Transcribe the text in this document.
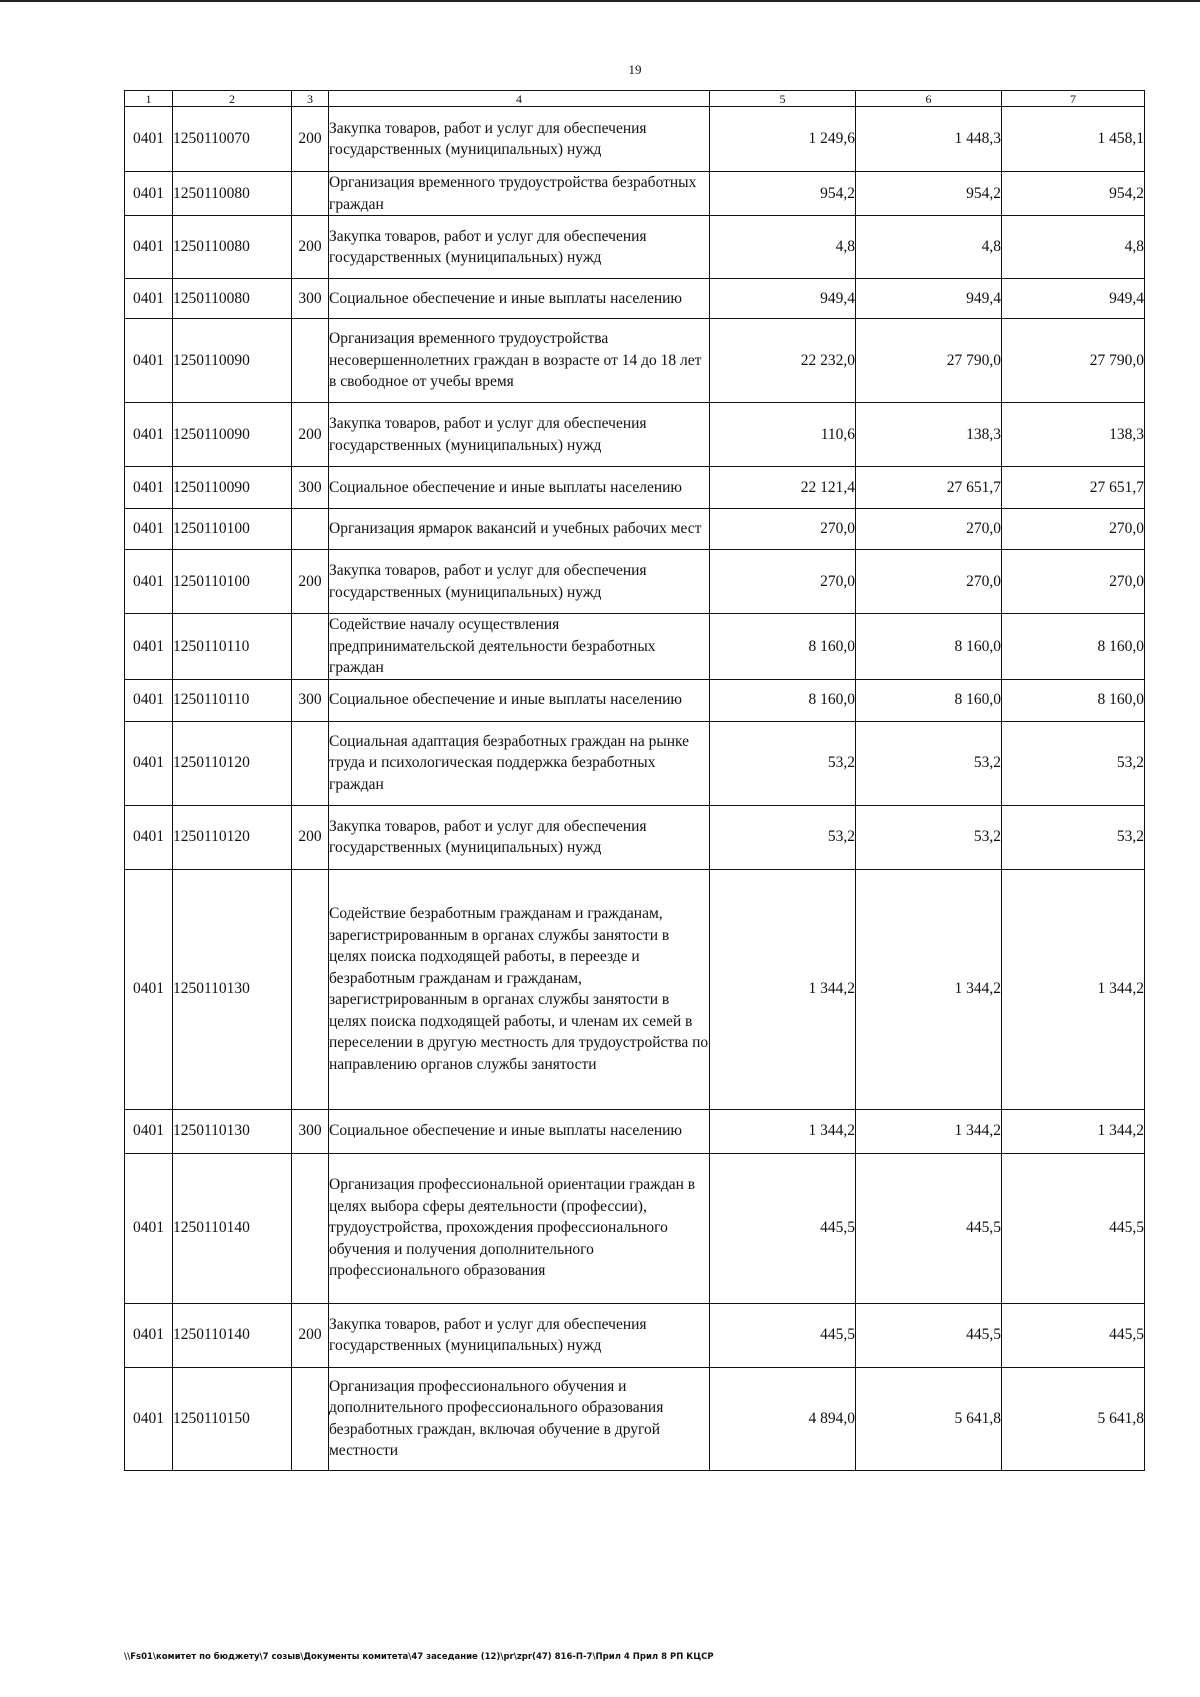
19
1	2	3	4	5	6	7
0401	1250110070	200	Закупка товаров, работ и услуг для обеспечения государственных (муниципальных) нужд	1 249,6	1 448,3	1 458,1
0401	1250110080		Организация временного трудоустройства безработных граждан	954,2	954,2	954,2
0401	1250110080	200	Закупка товаров, работ и услуг для обеспечения государственных (муниципальных) нужд	4,8	4,8	4,8
0401	1250110080	300	Социальное обеспечение и иные выплаты населению	949,4	949,4	949,4
0401	1250110090		Организация временного трудоустройства несовершеннолетних граждан в возрасте от 14 до 18 лет в свободное от учебы время	22 232,0	27 790,0	27 790,0
0401	1250110090	200	Закупка товаров, работ и услуг для обеспечения государственных (муниципальных) нужд	110,6	138,3	138,3
0401	1250110090	300	Социальное обеспечение и иные выплаты населению	22 121,4	27 651,7	27 651,7
0401	1250110100		Организация ярмарок вакансий и учебных рабочих мест	270,0	270,0	270,0
0401	1250110100	200	Закупка товаров, работ и услуг для обеспечения государственных (муниципальных) нужд	270,0	270,0	270,0
0401	1250110110		Содействие началу осуществления предпринимательской деятельности безработных граждан	8 160,0	8 160,0	8 160,0
0401	1250110110	300	Социальное обеспечение и иные выплаты населению	8 160,0	8 160,0	8 160,0
0401	1250110120		Социальная адаптация безработных граждан на рынке труда и психологическая поддержка безработных граждан	53,2	53,2	53,2
0401	1250110120	200	Закупка товаров, работ и услуг для обеспечения государственных (муниципальных) нужд	53,2	53,2	53,2
0401	1250110130		Содействие безработным гражданам и гражданам, зарегистрированным в органах службы занятости в целях поиска подходящей работы, в переезде и безработным гражданам и гражданам, зарегистрированным в органах службы занятости в целях поиска подходящей работы, и членам их семей в переселении в другую местность для трудоустройства по направлению органов службы занятости	1 344,2	1 344,2	1 344,2
0401	1250110130	300	Социальное обеспечение и иные выплаты населению	1 344,2	1 344,2	1 344,2
0401	1250110140		Организация профессиональной ориентации граждан в целях выбора сферы деятельности (профессии), трудоустройства, прохождения профессионального обучения и получения дополнительного профессионального образования	445,5	445,5	445,5
0401	1250110140	200	Закупка товаров, работ и услуг для обеспечения государственных (муниципальных) нужд	445,5	445,5	445,5
0401	1250110150		Организация профессионального обучения и дополнительного профессионального образования безработных граждан, включая обучение в другой местности	4 894,0	5 641,8	5 641,8
\\Fs01\комитет по бюджету\7 созыв\Документы комитета\47 заседание (12)\pr\zpr(47) 816-П-7\Прил 4 Прил 8 РП КЦСР
